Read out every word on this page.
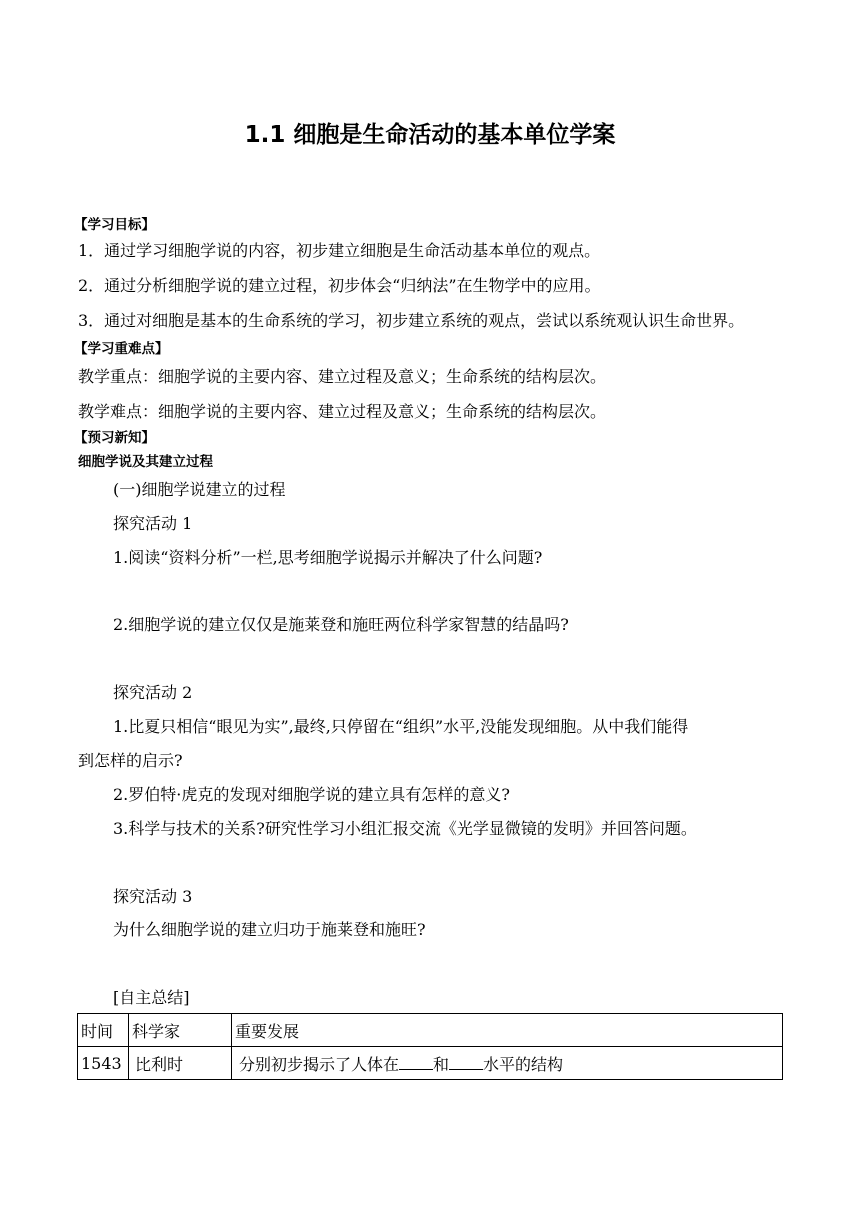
1.1 细胞是生命活动的基本单位学案
【学习目标】
1．通过学习细胞学说的内容，初步建立细胞是生命活动基本单位的观点。
2．通过分析细胞学说的建立过程，初步体会“归纳法”在生物学中的应用。
3．通过对细胞是基本的生命系统的学习，初步建立系统的观点，尝试以系统观认识生命世界。
【学习重难点】
教学重点：细胞学说的主要内容、建立过程及意义；生命系统的结构层次。
教学难点：细胞学说的主要内容、建立过程及意义；生命系统的结构层次。
【预习新知】
细胞学说及其建立过程
(一)细胞学说建立的过程
探究活动 1
1.阅读“资料分析”一栏,思考细胞学说揭示并解决了什么问题?
2.细胞学说的建立仅仅是施莱登和施旺两位科学家智慧的结晶吗?
探究活动 2
1.比夏只相信“眼见为实”,最终,只停留在“组织”水平,没能发现细胞。从中我们能得
到怎样的启示?
2.罗伯特·虎克的发现对细胞学说的建立具有怎样的意义?
3.科学与技术的关系?研究性学习小组汇报交流《光学显微镜的发明》并回答问题。
探究活动 3
为什么细胞学说的建立归功于施莱登和施旺?
[自主总结]
时间	科学家	重要发展
1543	比利时	分别初步揭示了人体在 和 水平的结构
